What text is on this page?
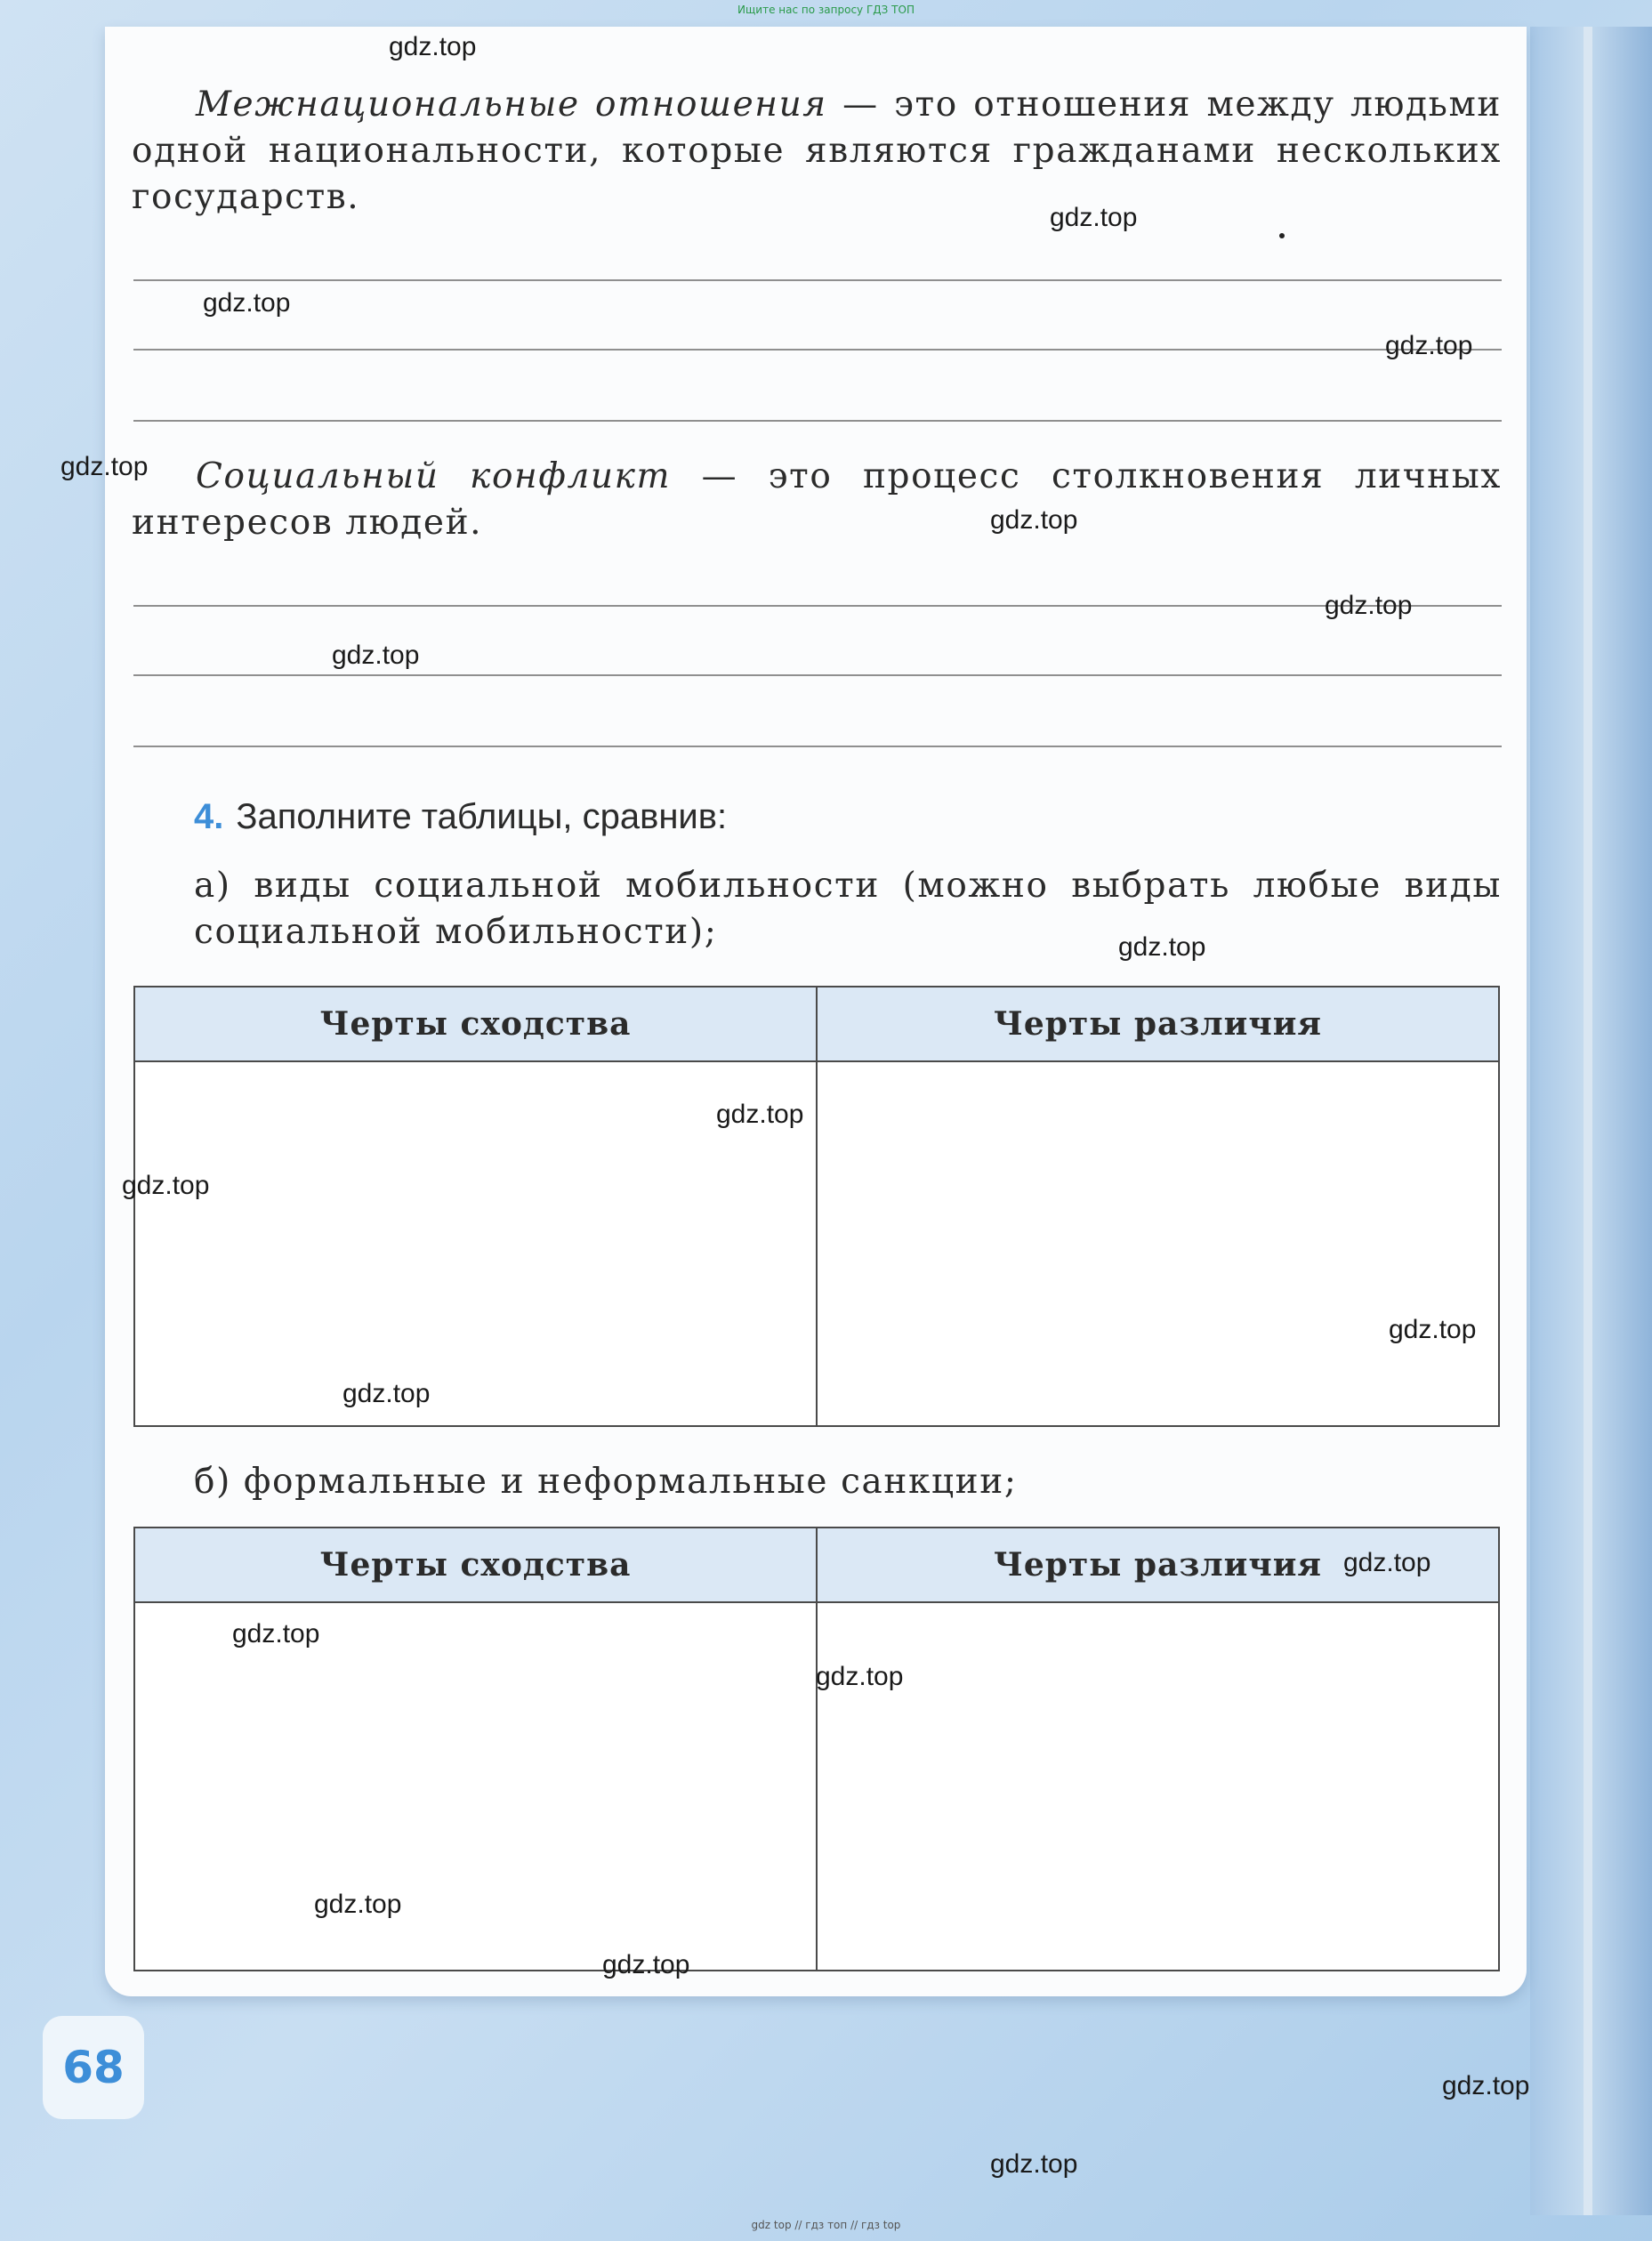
Ищите нас по запросу ГДЗ ТОП
Межнациональные отношения — это отношения между людьми одной национальности, которые являются гражданами нескольких государств.
Социальный конфликт — это процесс столкновения личных интересов людей.
4. Заполните таблицы, сравнив:
а) виды социальной мобильности (можно выбрать любые виды социальной мобильности);
Черты сходства	Черты различия

б) формальные и неформальные санкции;
Черты сходства	Черты различия

68
gdz.top
gdz.top
gdz.top
gdz.top
gdz.top
gdz.top
gdz.top
gdz.top
gdz.top
gdz.top
gdz.top
gdz.top
gdz.top
gdz.top
gdz.top
gdz.top
gdz.top
gdz.top
gdz.top
gdz.top
gdz top // гдз топ // гдз top
